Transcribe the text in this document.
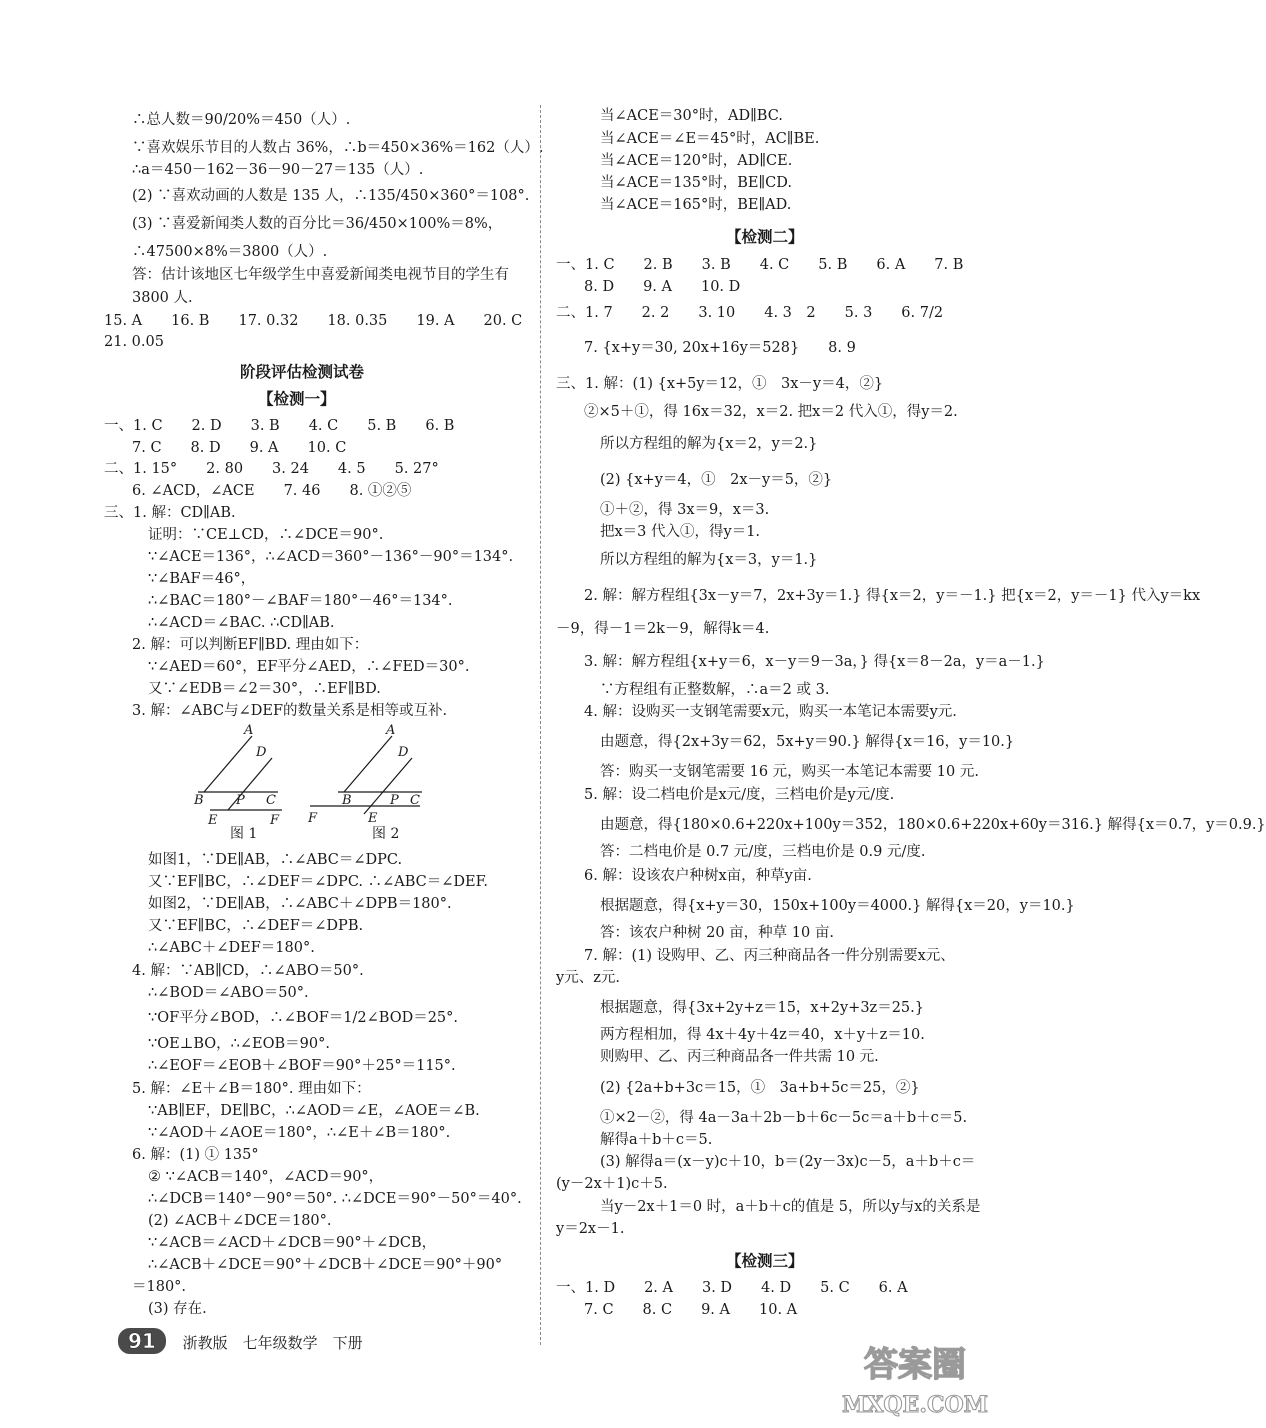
∴总人数＝90/20%＝450（人）.
∵喜欢娱乐节目的人数占 36%，∴b＝450×36%＝162（人）.
∴a＝450－162－36－90－27＝135（人）.
(2) ∵喜欢动画的人数是 135 人，∴135/450×360°＝108°.
(3) ∵喜爱新闻类人数的百分比＝36/450×100%＝8%，
∴47500×8%＝3800（人）.
答：估计该地区七年级学生中喜爱新闻类电视节目的学生有
3800 人.
15. A　　16. B　　17. 0.32　　18. 0.35　　19. A　　20. C
21. 0.05
阶段评估检测试卷
【检测一】
一、1. C　　2. D　　3. B　　4. C　　5. B　　6. B
7. C　　8. D　　9. A　　10. C
二、1. 15°　　2. 80　　3. 24　　4. 5　　5. 27°
6. ∠ACD，∠ACE　　7. 46　　8. ①②⑤
三、1. 解：CD∥AB.
证明：∵CE⊥CD，∴∠DCE＝90°.
∵∠ACE＝136°，∴∠ACD＝360°－136°－90°＝134°.
∵∠BAF＝46°，
∴∠BAC＝180°－∠BAF＝180°－46°＝134°.
∴∠ACD＝∠BAC. ∴CD∥AB.
2. 解：可以判断EF∥BD. 理由如下：
∵∠AED＝60°，EF平分∠AED，∴∠FED＝30°.
又∵∠EDB＝∠2＝30°，∴EF∥BD.
3. 解：∠ABC与∠DEF的数量关系是相等或互补.
A
D
B P C
E	F
A
D
B	P C
E
F
图 1	图 2
如图1，∵DE∥AB，∴∠ABC＝∠DPC.
又∵EF∥BC，∴∠DEF＝∠DPC. ∴∠ABC＝∠DEF.
如图2，∵DE∥AB，∴∠ABC＋∠DPB＝180°.
又∵EF∥BC，∴∠DEF＝∠DPB.
∴∠ABC＋∠DEF＝180°.
4. 解：∵AB∥CD，∴∠ABO＝50°.
∴∠BOD＝∠ABO＝50°.
∵OF平分∠BOD，∴∠BOF＝1/2∠BOD＝25°.
∵OE⊥BO，∴∠EOB＝90°.
∴∠EOF＝∠EOB＋∠BOF＝90°＋25°＝115°.
5. 解：∠E＋∠B＝180°. 理由如下：
∵AB∥EF，DE∥BC，∴∠AOD＝∠E，∠AOE＝∠B.
∵∠AOD＋∠AOE＝180°，∴∠E＋∠B＝180°.
6. 解：(1) ① 135°
② ∵∠ACB＝140°，∠ACD＝90°，
∴∠DCB＝140°－90°＝50°. ∴∠DCE＝90°－50°＝40°.
(2) ∠ACB＋∠DCE＝180°.
∵∠ACB＝∠ACD＋∠DCB＝90°＋∠DCB，
∴∠ACB＋∠DCE＝90°＋∠DCB＋∠DCE＝90°＋90°
＝180°.
(3) 存在.
当∠ACE＝30°时，AD∥BC.
当∠ACE＝∠E＝45°时，AC∥BE.
当∠ACE＝120°时，AD∥CE.
当∠ACE＝135°时，BE∥CD.
当∠ACE＝165°时，BE∥AD.
【检测二】
一、1. C　　2. B　　3. B　　4. C　　5. B　　6. A　　7. B
8. D　　9. A　　10. D
二、1. 7　　2. 2　　3. 10　　4. 3　2　　5. 3　　6. 7/2
7. {x+y＝30, 20x+16y＝528}　　8. 9
三、1. 解：(1) {x+5y＝12，①　3x－y＝4，②}
②×5＋①，得 16x＝32，x＝2. 把x＝2 代入①，得y＝2.
所以方程组的解为{x＝2，y＝2.}
(2) {x+y＝4，①　2x－y＝5，②}
①＋②，得 3x＝9，x＝3.
把x＝3 代入①，得y＝1.
所以方程组的解为{x＝3，y＝1.}
2. 解：解方程组{3x－y＝7，2x+3y＝1.} 得{x＝2，y＝－1.} 把{x＝2，y＝－1} 代入y＝kx
－9，得－1＝2k－9，解得k＝4.
3. 解：解方程组{x+y＝6，x－y＝9－3a，} 得{x＝8－2a，y＝a－1.}
∵方程组有正整数解，∴a＝2 或 3.
4. 解：设购买一支钢笔需要x元，购买一本笔记本需要y元.
由题意，得{2x+3y＝62，5x+y＝90.} 解得{x＝16，y＝10.}
答：购买一支钢笔需要 16 元，购买一本笔记本需要 10 元.
5. 解：设二档电价是x元/度，三档电价是y元/度.
由题意，得{180×0.6+220x+100y＝352，180×0.6+220x+60y＝316.} 解得{x＝0.7，y＝0.9.}
答：二档电价是 0.7 元/度，三档电价是 0.9 元/度.
6. 解：设该农户种树x亩，种草y亩.
根据题意，得{x+y＝30，150x+100y＝4000.} 解得{x＝20，y＝10.}
答：该农户种树 20 亩，种草 10 亩.
7. 解：(1) 设购甲、乙、丙三种商品各一件分别需要x元、
y元、z元.
根据题意，得{3x+2y+z＝15，x+2y+3z＝25.}
两方程相加，得 4x＋4y＋4z＝40，x＋y＋z＝10.
则购甲、乙、丙三种商品各一件共需 10 元.
(2) {2a+b+3c＝15，①　3a+b+5c＝25，②}
①×2－②，得 4a－3a＋2b－b＋6c－5c＝a＋b＋c＝5.
解得a＋b＋c＝5.
(3) 解得a＝(x－y)c＋10，b＝(2y－3x)c－5，a＋b＋c＝
(y－2x＋1)c＋5.
当y－2x＋1＝0 时，a＋b＋c的值是 5，所以y与x的关系是
y＝2x－1.
【检测三】
一、1. D　　2. A　　3. D　　4. D　　5. C　　6. A
7. C　　8. C　　9. A　　10. A
91 浙教版　七年级数学　下册
答案圈
MXQE.COM
